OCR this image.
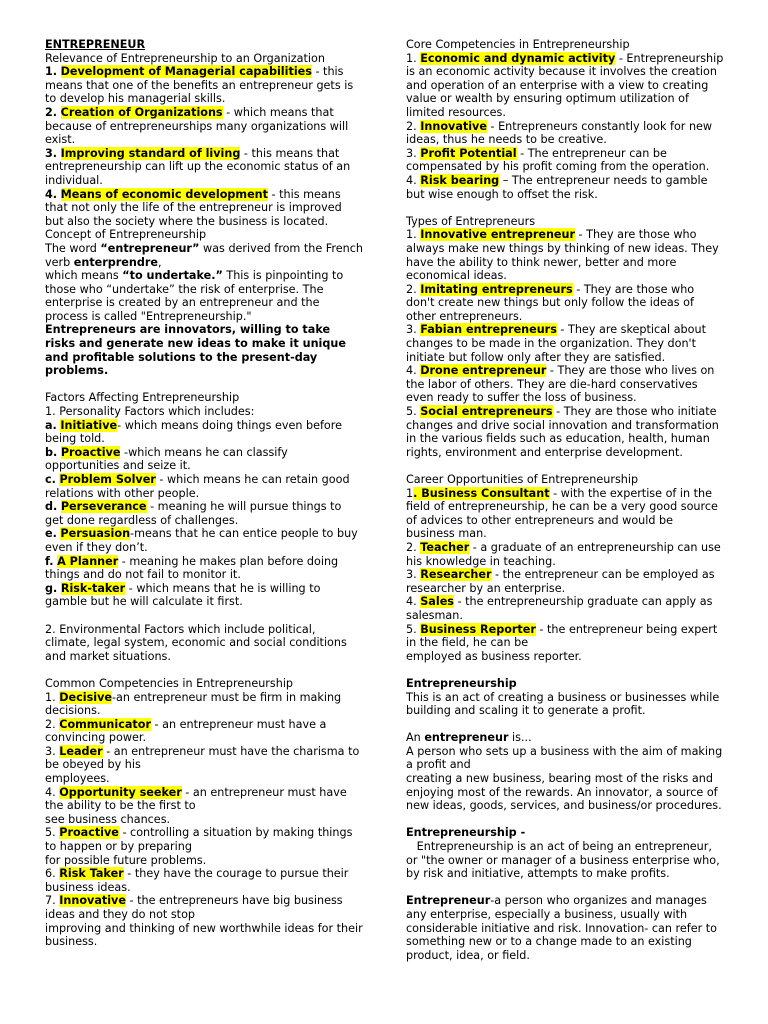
ENTREPRENEUR

Relevance of Entrepreneurship to an Organization

1. Development of Managerial capabilities - this means that one of the benefits an entrepreneur gets is to develop his managerial skills.

2. Creation of Organizations - which means that because of entrepreneurships many organizations will exist.

3. Improving standard of living - this means that entrepreneurship can lift up the economic status of an individual.

4. Means of economic development - this means that not only the life of the entrepreneur is improved but also the society where the business is located.

Concept of Entrepreneurship

The word “entrepreneur” was derived from the French verb enterprendre,

which means “to undertake.” This is pinpointing to those who “undertake” the risk of enterprise. The enterprise is created by an entrepreneur and the process is called "Entrepreneurship."

Entrepreneurs are innovators, willing to take risks and generate new ideas to make it unique and profitable solutions to the present-day problems.

Factors Affecting Entrepreneurship

1. Personality Factors which includes:

a. Initiative- which means doing things even before being told.

b. Proactive -which means he can classify opportunities and seize it.

c. Problem Solver - which means he can retain good relations with other people.

d. Perseverance - meaning he will pursue things to get done regardless of challenges.

e. Persuasion-means that he can entice people to buy even if they don’t.

f. A Planner - meaning he makes plan before doing things and do not fail to monitor it.

g. Risk-taker - which means that he is willing to gamble but he will calculate it first.

2. Environmental Factors which include political, climate, legal system, economic and social conditions and market situations.

Common Competencies in Entrepreneurship

1. Decisive-an entrepreneur must be firm in making decisions.

2. Communicator - an entrepreneur must have a convincing power.

3. Leader - an entrepreneur must have the charisma to be obeyed by his

employees.

4. Opportunity seeker - an entrepreneur must have the ability to be the first to

see business chances.

5. Proactive - controlling a situation by making things to happen or by preparing

for possible future problems.

6. Risk Taker - they have the courage to pursue their business ideas.

7. Innovative - the entrepreneurs have big business ideas and they do not stop

improving and thinking of new worthwhile ideas for their business.

Core Competencies in Entrepreneurship

1. Economic and dynamic activity - Entrepreneurship is an economic activity because it involves the creation and operation of an enterprise with a view to creating value or wealth by ensuring optimum utilization of limited resources.

2. Innovative - Entrepreneurs constantly look for new ideas, thus he needs to be creative.

3. Profit Potential - The entrepreneur can be compensated by his profit coming from the operation.

4. Risk bearing – The entrepreneur needs to gamble but wise enough to offset the risk.

Types of Entrepreneurs

1. Innovative entrepreneur - They are those who always make new things by thinking of new ideas. They have the ability to think newer, better and more economical ideas.

2. Imitating entrepreneurs - They are those who don't create new things but only follow the ideas of other entrepreneurs.

3. Fabian entrepreneurs - They are skeptical about changes to be made in the organization. They don't initiate but follow only after they are satisfied.

4. Drone entrepreneur - They are those who lives on the labor of others. They are die-hard conservatives even ready to suffer the loss of business.

5. Social entrepreneurs - They are those who initiate changes and drive social innovation and transformation in the various fields such as education, health, human rights, environment and enterprise development.

Career Opportunities of Entrepreneurship

1. Business Consultant - with the expertise of in the field of entrepreneurship, he can be a very good source of advices to other entrepreneurs and would be business man.

2. Teacher - a graduate of an entrepreneurship can use his knowledge in teaching.

3. Researcher - the entrepreneur can be employed as researcher by an enterprise.

4. Sales - the entrepreneurship graduate can apply as salesman.

5. Business Reporter - the entrepreneur being expert in the field, he can be

employed as business reporter.

Entrepreneurship

This is an act of creating a business or businesses while building and scaling it to generate a profit.

An entrepreneur is...

A person who sets up a business with the aim of making a profit and

creating a new business, bearing most of the risks and enjoying most of the rewards. An innovator, a source of new ideas, goods, services, and business/or procedures.

Entrepreneurship -

Entrepreneurship is an act of being an entrepreneur, or "the owner or manager of a business enterprise who, by risk and initiative, attempts to make profits.

Entrepreneur-a person who organizes and manages any enterprise, especially a business, usually with considerable initiative and risk. Innovation- can refer to something new or to a change made to an existing product, idea, or field.
